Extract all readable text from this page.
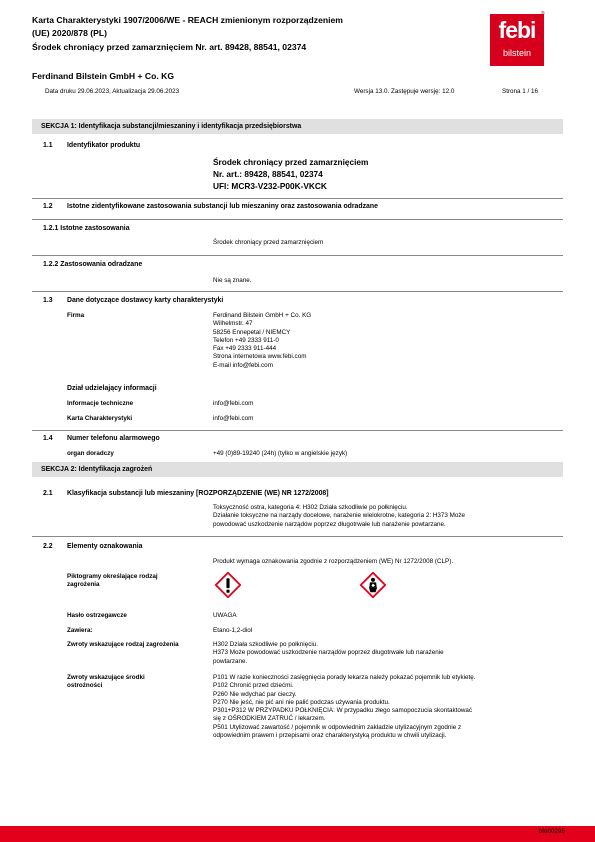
Karta Charakterystyki 1907/2006/WE - REACH zmienionym rozporządzeniem
(UE) 2020/878 (PL)
Środek chroniący przed zamarznięciem Nr. art. 89428, 88541, 02374
febi
bilstein
®
Ferdinand Bilstein GmbH + Co. KG
Data druku 29.06.2023, Aktualizacja 29.06.2023	Wersja 13.0. Zastępuje wersję: 12.0	Strona 1 / 16
SEKCJA 1: Identyfikacja substancji/mieszaniny i identyfikacja przedsiębiorstwa
1.1 Identyfikator produktu
Środek chroniący przed zamarznięciem
Nr. art.: 89428, 88541, 02374
UFI: MCR3-V232-P00K-VKCK
1.2 Istotne zidentyfikowane zastosowania substancji lub mieszaniny oraz zastosowania odradzane
1.2.1 Istotne zastosowania
Środek chroniący przed zamarznięciem
1.2.2 Zastosowania odradzane
Nie są znane.
1.3 Dane dotyczące dostawcy karty charakterystyki
Firma	Ferdinand Bilstein GmbH + Co. KG
Wilhelmstr. 47
58256 Ennepetal / NIEMCY
Telefon +49 2333 911-0
Fax +49 2333 911-444
Strona internetowa www.febi.com
E-mail info@febi.com
Dział udzielający informacji
Informacje techniczne	info@febi.com
Karta Charakterystyki	info@febi.com
1.4 Numer telefonu alarmowego
organ doradczy	+49 (0)89-19240 (24h) (tylko w angielskie język)
SEKCJA 2: Identyfikacja zagrożeń
2.1 Klasyfikacja substancji lub mieszaniny [ROZPORZĄDZENIE (WE) NR 1272/2008]
Toksyczność ostra, kategoria 4: H302 Działa szkodliwie po połknięciu.
Działanie toksyczne na narządy docelowe, narażenie wielokrotne, kategoria 2: H373 Może
powodować uszkodzenie narządów poprzez długotrwałe lub narażenie powtarzane.
2.2 Elementy oznakowania
Produkt wymaga oznakowania zgodnie z rozporządzeniem (WE) Nr 1272/2008 (CLP).
Piktogramy określające rodzaj
zagrożenia
Hasło ostrzegawcze	UWAGA
Zawiera:	Etano-1,2-diol
Zwroty wskazujące rodzaj zagrożenia	H302 Działa szkodliwie po połknięciu.
H373 Może powodować uszkodzenie narządów poprzez długotrwałe lub narażenie
powtarzane.
Zwroty wskazujące środki
ostrożności
P101 W razie konieczności zasięgnięcia porady lekarza należy pokazać pojemnik lub etykietę.
P102 Chronić przed dziećmi.
P260 Nie wdychać par cieczy.
P270 Nie jeść, nie pić ani nie palić podczas używania produktu.
P301+P312 W PRZYPADKU POŁKNIĘCIA: W przypadku złego samopoczucia skontaktować
się z OŚRODKIEM ZATRUĆ / lekarzem.
P501 Utylizować zawartość / pojemnik w odpowiednim zakładzie utylizacyjnym zgodnie z
odpowiednim prawem i przepisami oraz charakterystyką produktu w chwili utylizacji.
bfe00295
